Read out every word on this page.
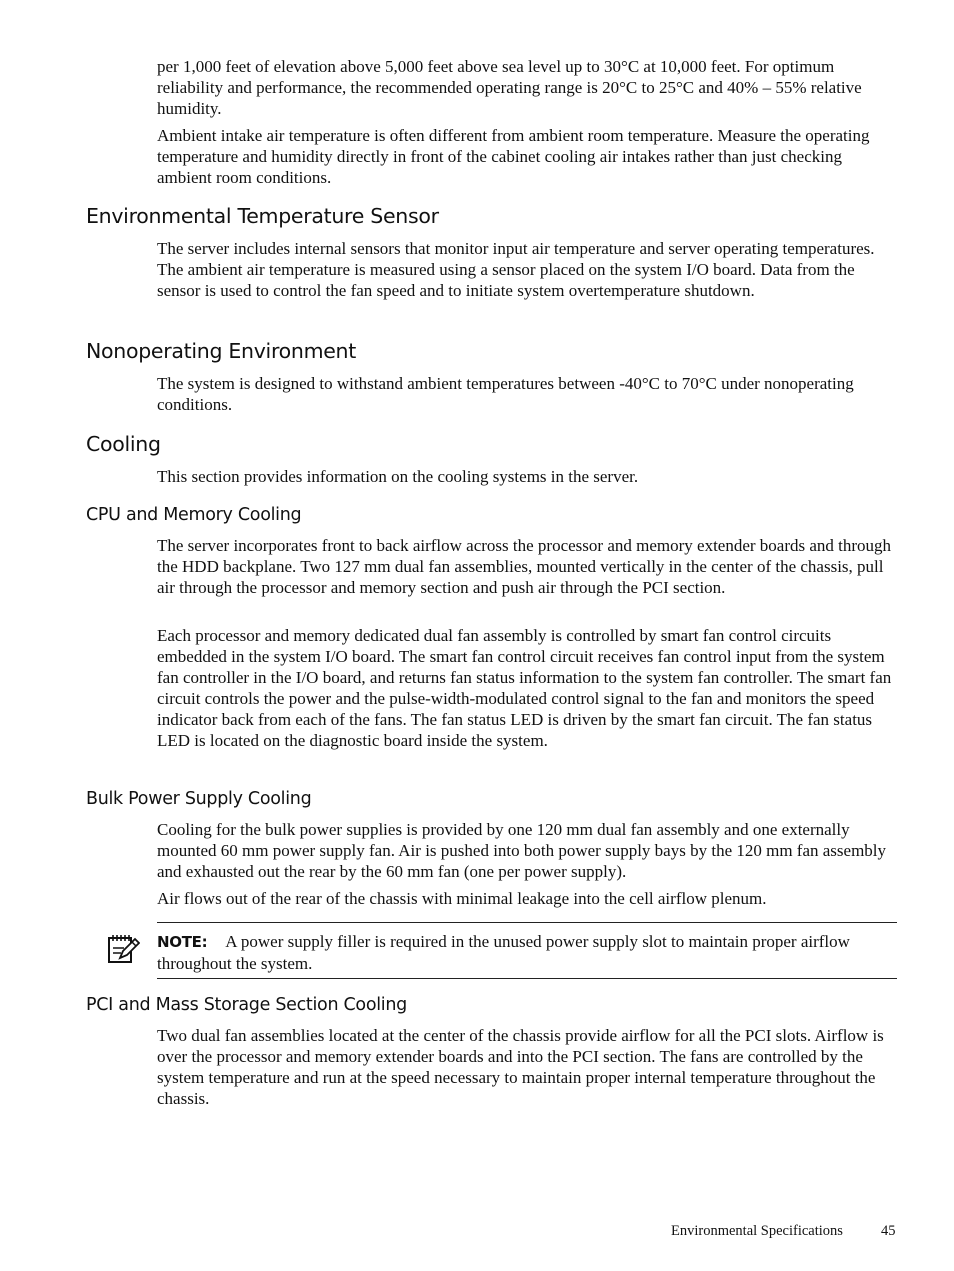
per 1,000 feet of elevation above 5,000 feet above sea level up to 30°C at 10,000 feet. For optimum reliability and performance, the recommended operating range is 20°C to 25°C and 40% – 55% relative humidity.

Ambient intake air temperature is often different from ambient room temperature. Measure the operating temperature and humidity directly in front of the cabinet cooling air intakes rather than just checking ambient room conditions.

Environmental Temperature Sensor

The server includes internal sensors that monitor input air temperature and server operating temperatures. The ambient air temperature is measured using a sensor placed on the system I/O board. Data from the sensor is used to control the fan speed and to initiate system overtemperature shutdown.

Nonoperating Environment

The system is designed to withstand ambient temperatures between -40°C to 70°C under nonoperating conditions.

Cooling

This section provides information on the cooling systems in the server.

CPU and Memory Cooling

The server incorporates front to back airflow across the processor and memory extender boards and through the HDD backplane. Two 127 mm dual fan assemblies, mounted vertically in the center of the chassis, pull air through the processor and memory section and push air through the PCI section.

Each processor and memory dedicated dual fan assembly is controlled by smart fan control circuits embedded in the system I/O board. The smart fan control circuit receives fan control input from the system fan controller in the I/O board, and returns fan status information to the system fan controller. The smart fan circuit controls the power and the pulse-width-modulated control signal to the fan and monitors the speed indicator back from each of the fans. The fan status LED is driven by the smart fan circuit. The fan status LED is located on the diagnostic board inside the system.

Bulk Power Supply Cooling

Cooling for the bulk power supplies is provided by one 120 mm dual fan assembly and one externally mounted 60 mm power supply fan. Air is pushed into both power supply bays by the 120 mm fan assembly and exhausted out the rear by the 60 mm fan (one per power supply).

Air flows out of the rear of the chassis with minimal leakage into the cell airflow plenum.

NOTE: A power supply filler is required in the unused power supply slot to maintain proper airflow throughout the system.

PCI and Mass Storage Section Cooling

Two dual fan assemblies located at the center of the chassis provide airflow for all the PCI slots. Airflow is over the processor and memory extender boards and into the PCI section. The fans are controlled by the system temperature and run at the speed necessary to maintain proper internal temperature throughout the chassis.

Environmental Specifications	45
